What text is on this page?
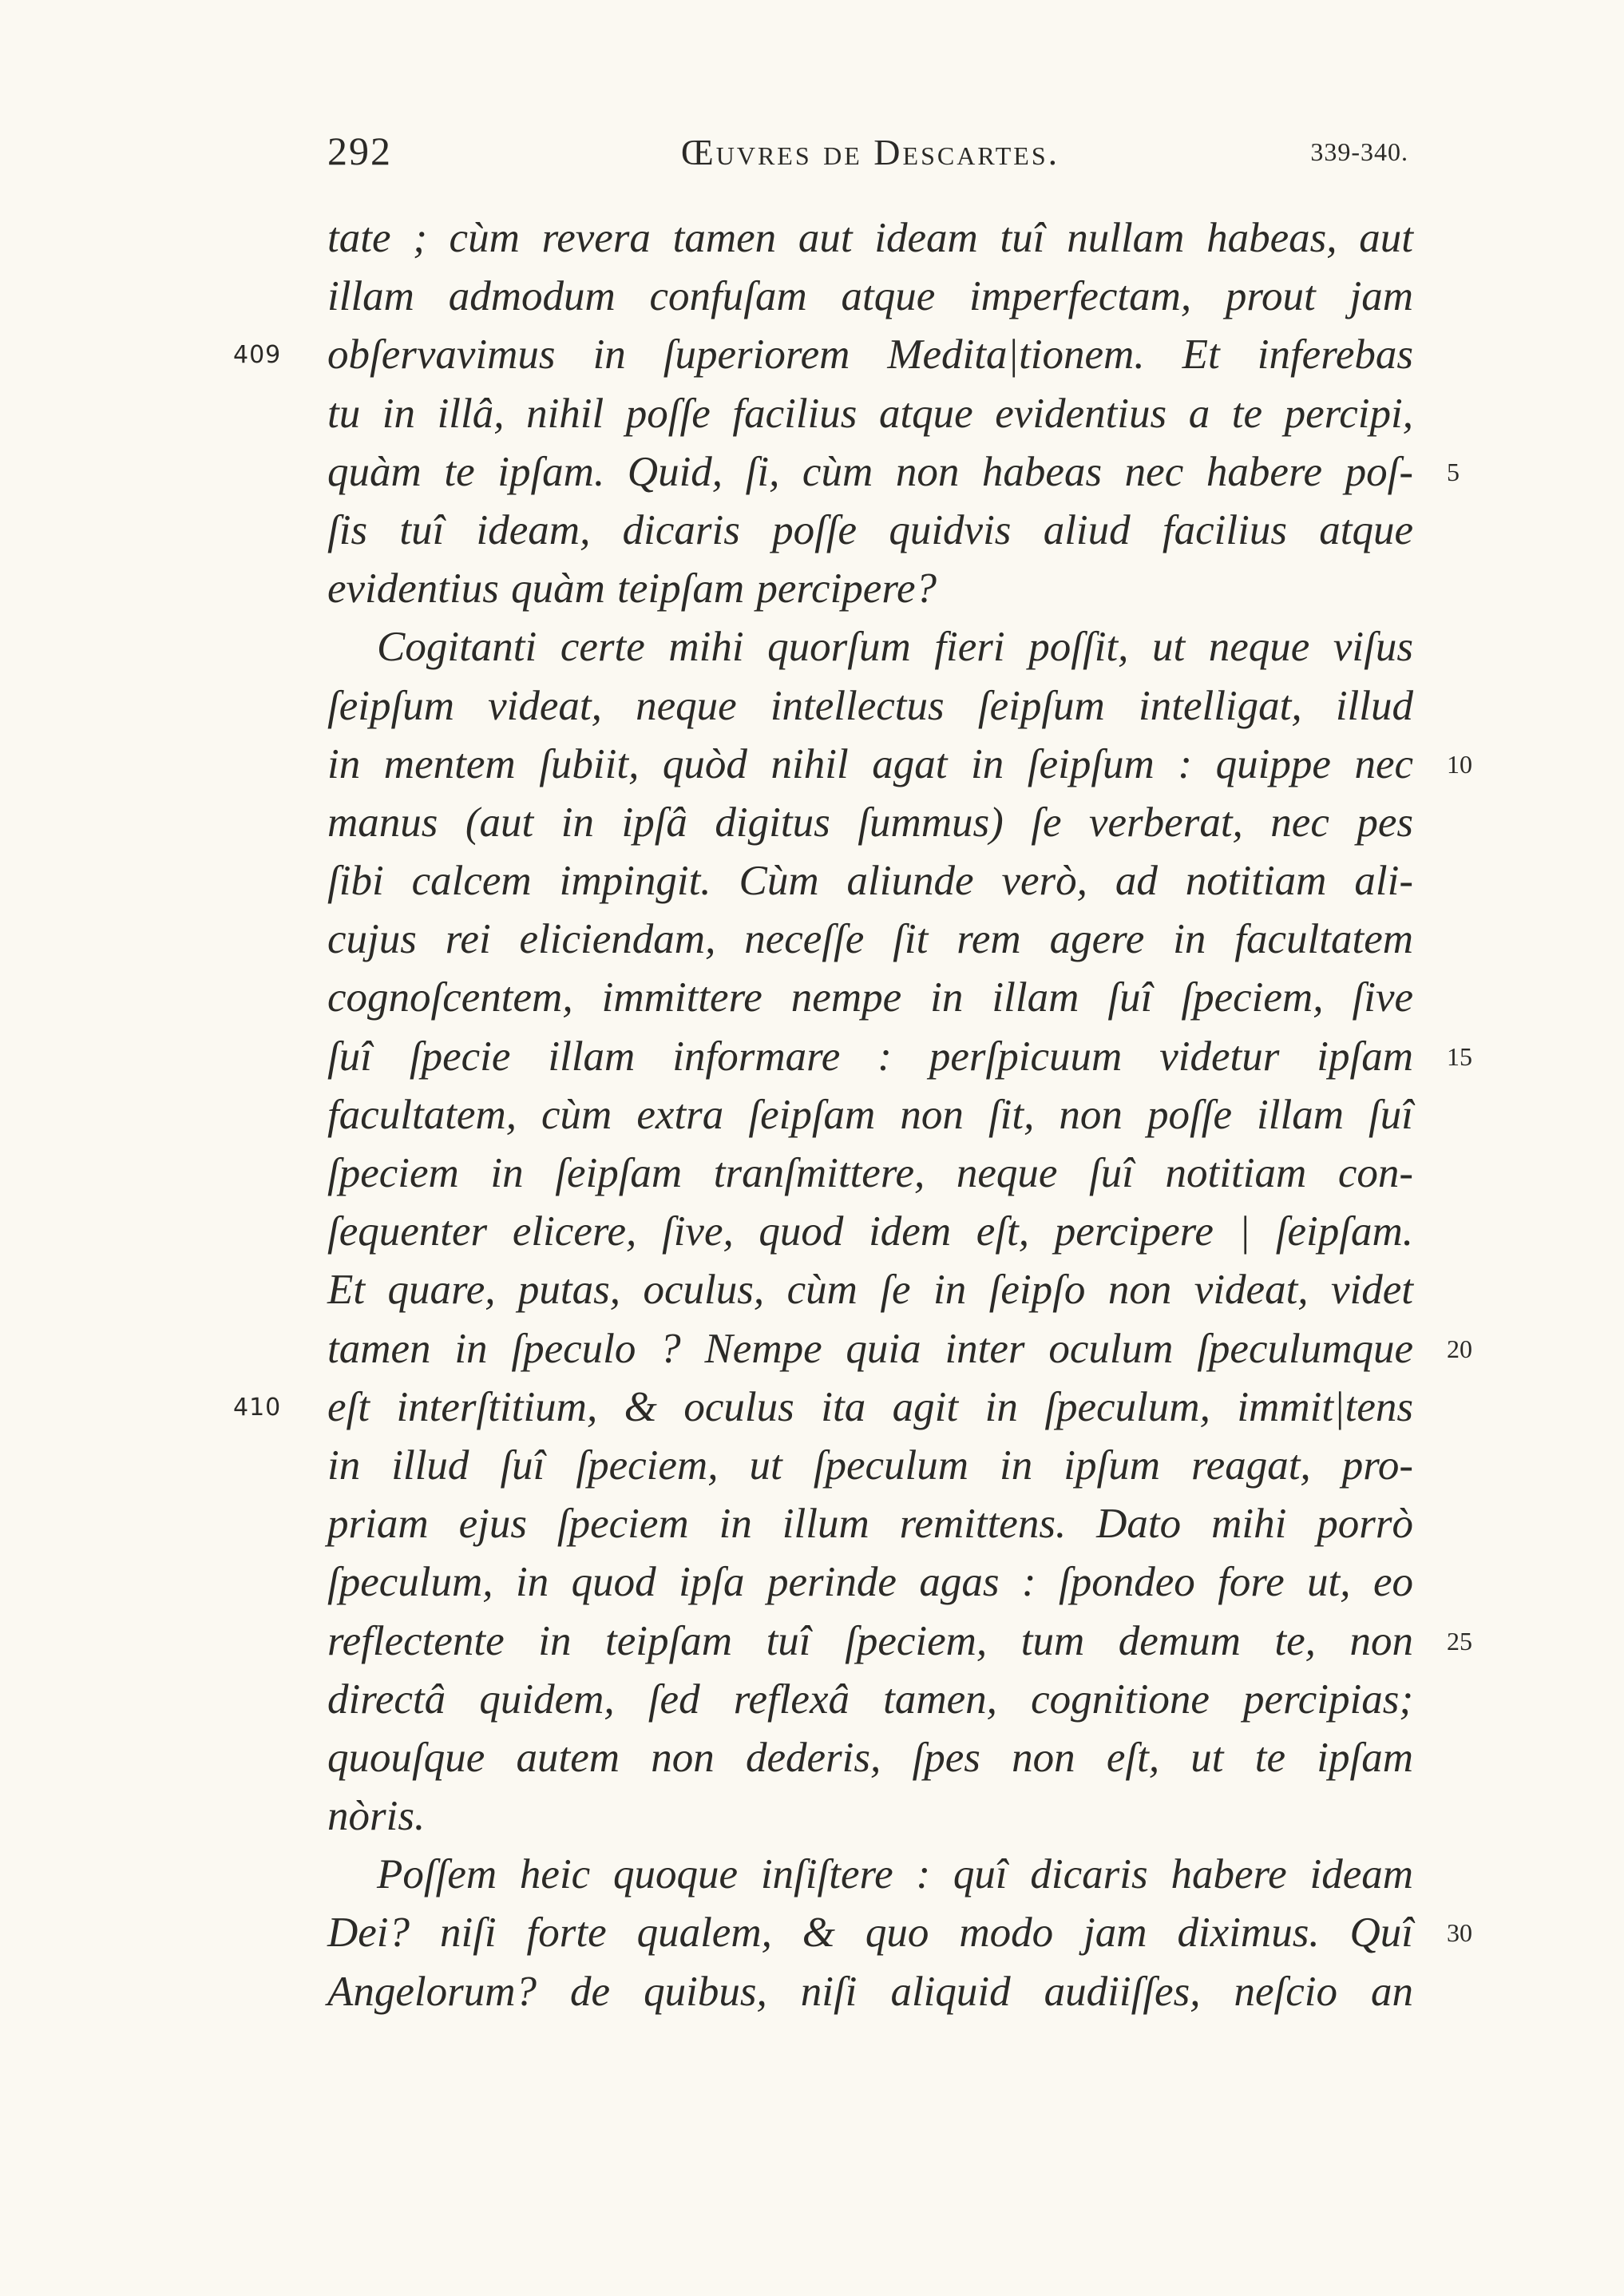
292	Œuvres de Descartes.	339-340.
tate ; cùm revera tamen aut ideam tuî nullam habeas, aut
illam admodum confuſam atque imperfectam, prout jam
409 obſervavimus in ſuperiorem Medita|tionem. Et inferebas
tu in illâ, nihil poſſe facilius atque evidentius a te percipi,
quàm te ipſam. Quid, ſi, cùm non habeas nec habere poſ- 5
ſis tuî ideam, dicaris poſſe quidvis aliud facilius atque
evidentius quàm teipſam percipere?
Cogitanti certe mihi quorſum fieri poſſit, ut neque viſus
ſeipſum videat, neque intellectus ſeipſum intelligat, illud
in mentem ſubiit, quòd nihil agat in ſeipſum : quippe nec 10
manus (aut in ipſâ digitus ſummus) ſe verberat, nec pes
ſibi calcem impingit. Cùm aliunde verò, ad notitiam ali-
cujus rei eliciendam, neceſſe ſit rem agere in facultatem
cognoſcentem, immittere nempe in illam ſuî ſpeciem, ſive
ſuî ſpecie illam informare : perſpicuum videtur ipſam 15
facultatem, cùm extra ſeipſam non ſit, non poſſe illam ſuî
ſpeciem in ſeipſam tranſmittere, neque ſuî notitiam con-
ſequenter elicere, ſive, quod idem eſt, percipere | ſeipſam.
Et quare, putas, oculus, cùm ſe in ſeipſo non videat, videt
tamen in ſpeculo ? Nempe quia inter oculum ſpeculumque 20
410 eſt interſtitium, & oculus ita agit in ſpeculum, immit|tens
in illud ſuî ſpeciem, ut ſpeculum in ipſum reagat, pro-
priam ejus ſpeciem in illum remittens. Dato mihi porrò
ſpeculum, in quod ipſa perinde agas : ſpondeo fore ut, eo
reflectente in teipſam tuî ſpeciem, tum demum te, non 25
directâ quidem, ſed reflexâ tamen, cognitione percipias;
quouſque autem non dederis, ſpes non eſt, ut te ipſam
nòris.
Poſſem heic quoque inſiſtere : quî dicaris habere ideam
Dei? niſi forte qualem, & quo modo jam diximus. Quî 30
Angelorum? de quibus, niſi aliquid audiiſſes, neſcio an
